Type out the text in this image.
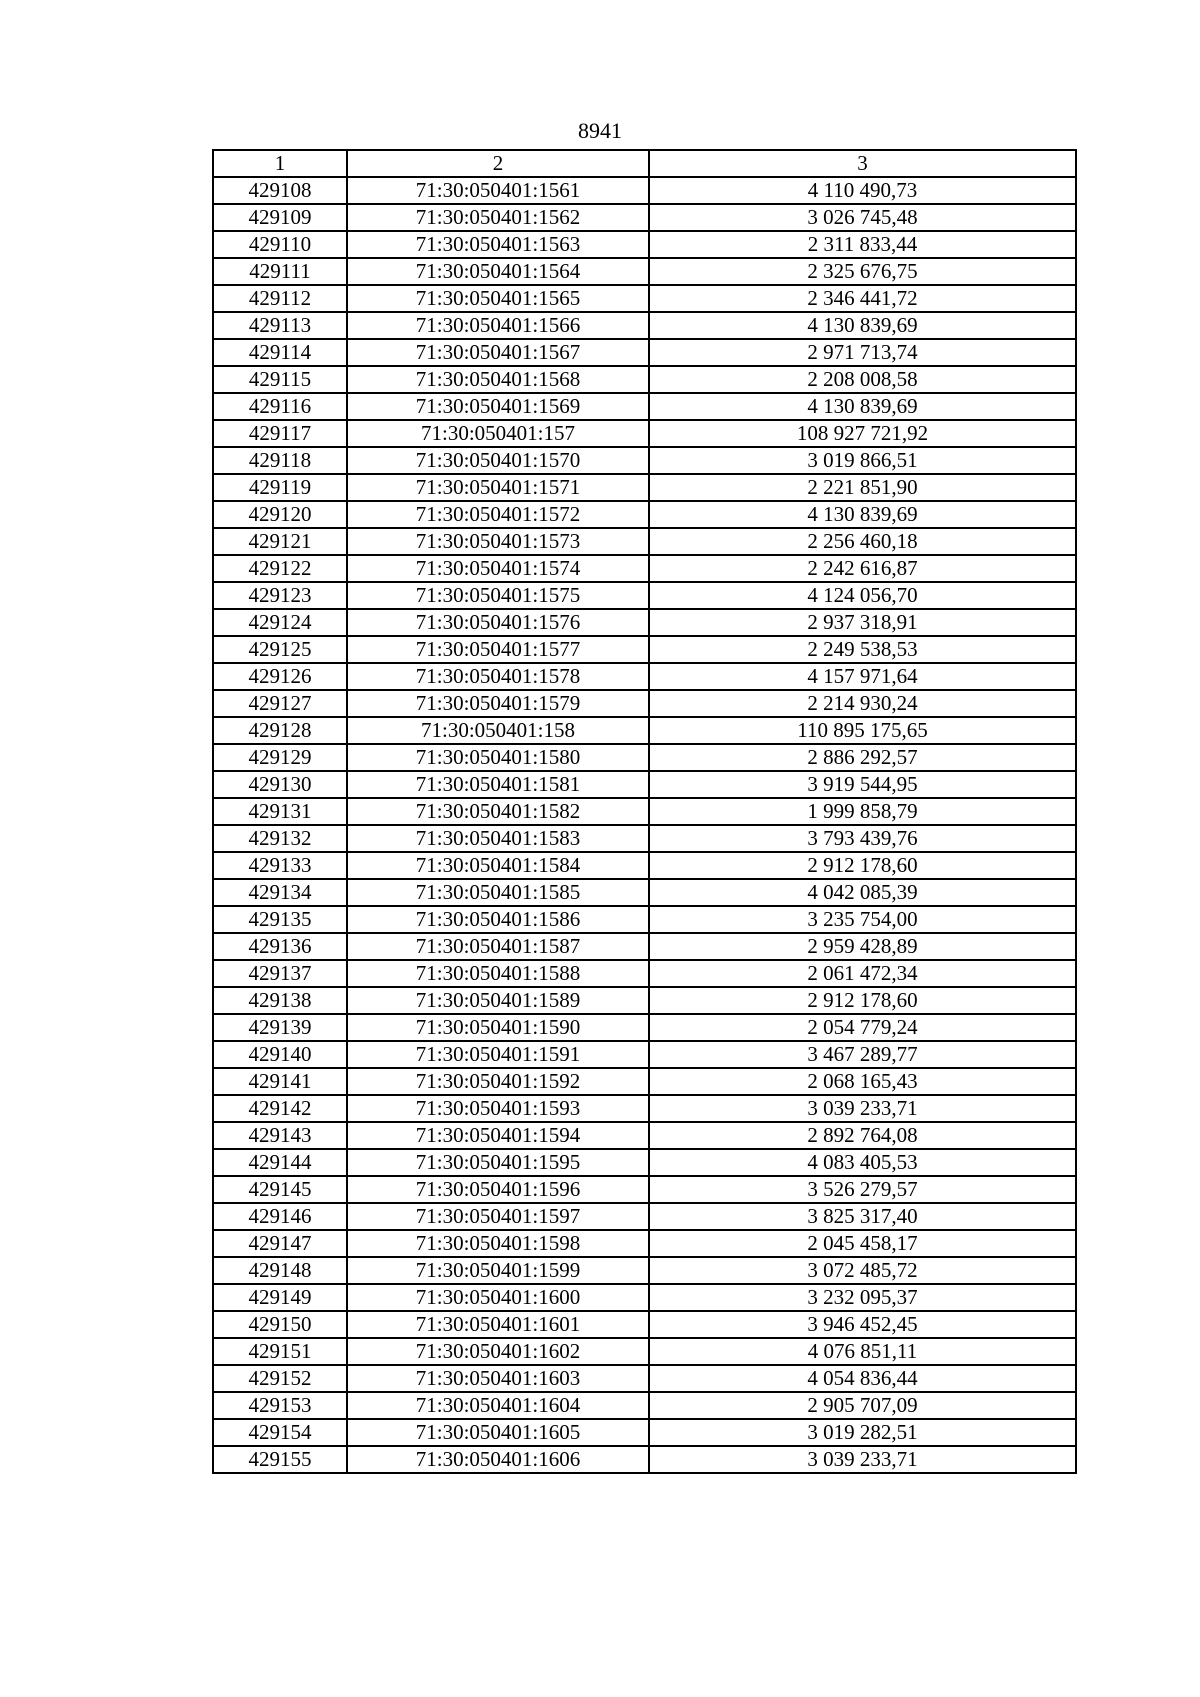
8941
1	2	3
429108	71:30:050401:1561	4 110 490,73
429109	71:30:050401:1562	3 026 745,48
429110	71:30:050401:1563	2 311 833,44
429111	71:30:050401:1564	2 325 676,75
429112	71:30:050401:1565	2 346 441,72
429113	71:30:050401:1566	4 130 839,69
429114	71:30:050401:1567	2 971 713,74
429115	71:30:050401:1568	2 208 008,58
429116	71:30:050401:1569	4 130 839,69
429117	71:30:050401:157	108 927 721,92
429118	71:30:050401:1570	3 019 866,51
429119	71:30:050401:1571	2 221 851,90
429120	71:30:050401:1572	4 130 839,69
429121	71:30:050401:1573	2 256 460,18
429122	71:30:050401:1574	2 242 616,87
429123	71:30:050401:1575	4 124 056,70
429124	71:30:050401:1576	2 937 318,91
429125	71:30:050401:1577	2 249 538,53
429126	71:30:050401:1578	4 157 971,64
429127	71:30:050401:1579	2 214 930,24
429128	71:30:050401:158	110 895 175,65
429129	71:30:050401:1580	2 886 292,57
429130	71:30:050401:1581	3 919 544,95
429131	71:30:050401:1582	1 999 858,79
429132	71:30:050401:1583	3 793 439,76
429133	71:30:050401:1584	2 912 178,60
429134	71:30:050401:1585	4 042 085,39
429135	71:30:050401:1586	3 235 754,00
429136	71:30:050401:1587	2 959 428,89
429137	71:30:050401:1588	2 061 472,34
429138	71:30:050401:1589	2 912 178,60
429139	71:30:050401:1590	2 054 779,24
429140	71:30:050401:1591	3 467 289,77
429141	71:30:050401:1592	2 068 165,43
429142	71:30:050401:1593	3 039 233,71
429143	71:30:050401:1594	2 892 764,08
429144	71:30:050401:1595	4 083 405,53
429145	71:30:050401:1596	3 526 279,57
429146	71:30:050401:1597	3 825 317,40
429147	71:30:050401:1598	2 045 458,17
429148	71:30:050401:1599	3 072 485,72
429149	71:30:050401:1600	3 232 095,37
429150	71:30:050401:1601	3 946 452,45
429151	71:30:050401:1602	4 076 851,11
429152	71:30:050401:1603	4 054 836,44
429153	71:30:050401:1604	2 905 707,09
429154	71:30:050401:1605	3 019 282,51
429155	71:30:050401:1606	3 039 233,71
